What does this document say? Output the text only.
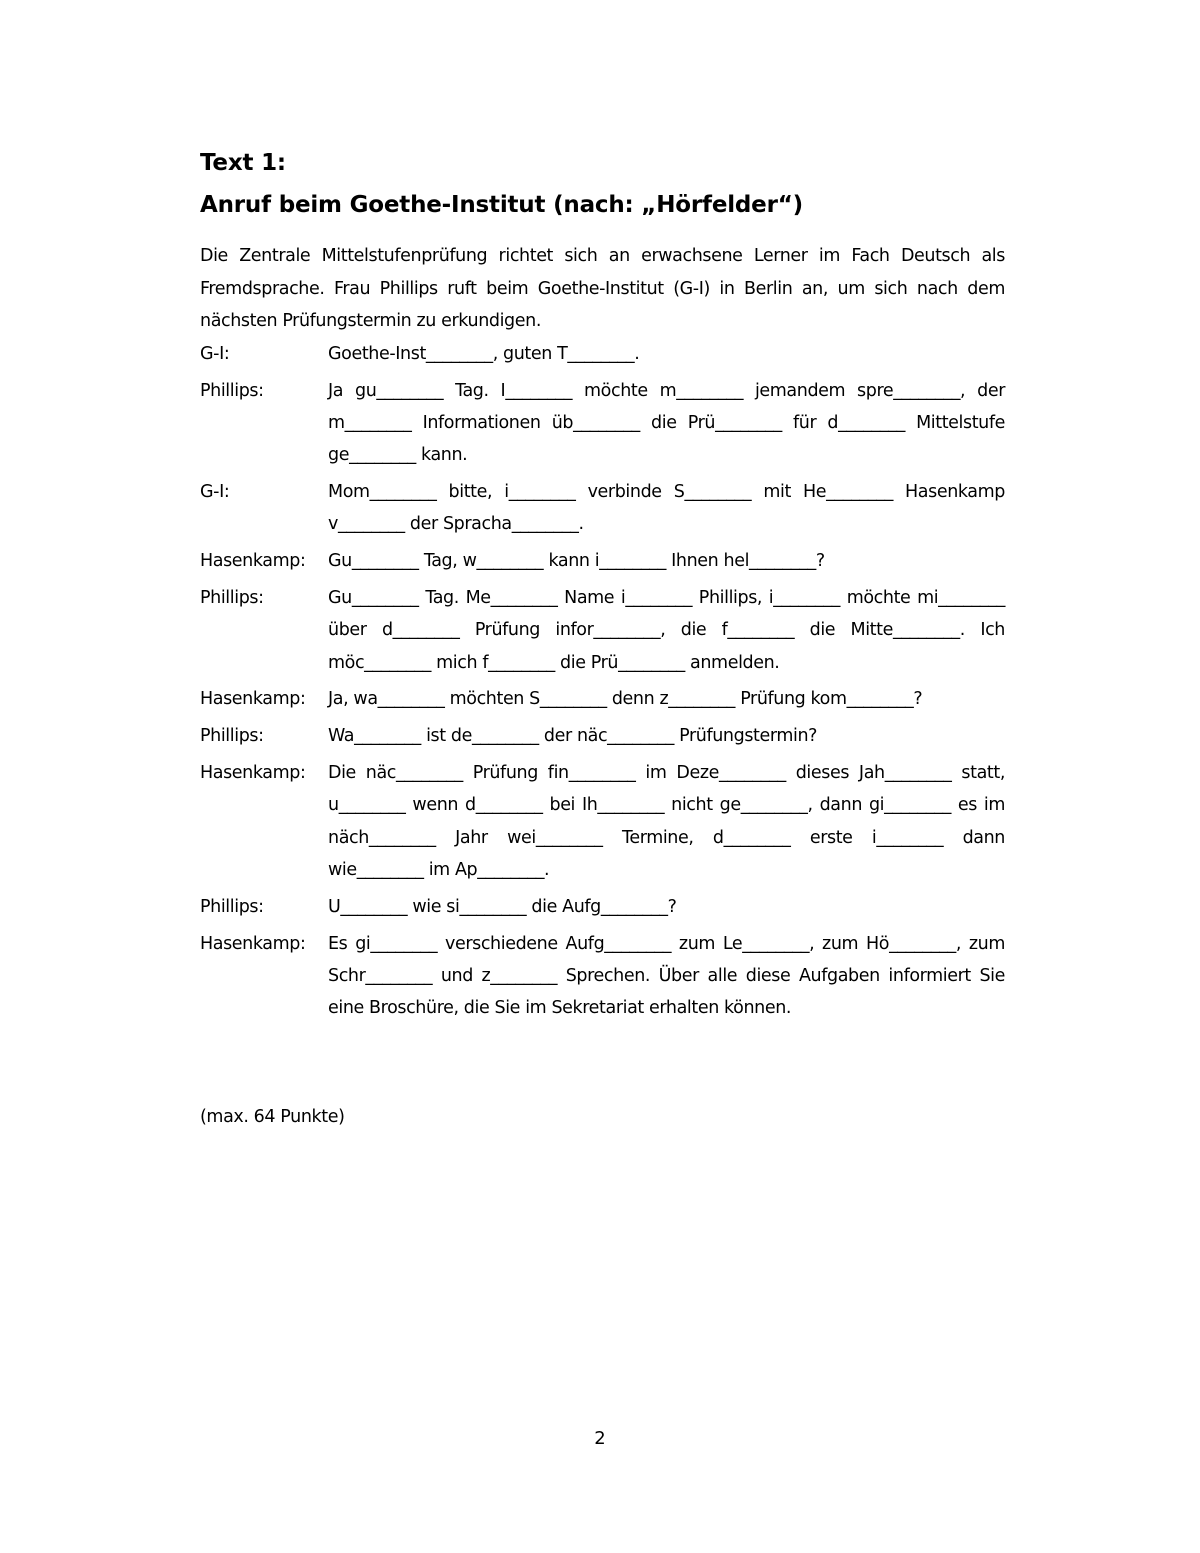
Text 1:
Anruf beim Goethe-Institut (nach: „Hörfelder“)

Die Zentrale Mittelstufenprüfung richtet sich an erwachsene Lerner im Fach Deutsch als Fremdsprache. Frau Phillips ruft beim Goethe-Institut (G-I) in Berlin an, um sich nach dem nächsten Prüfungstermin zu erkundigen.

G-I:	Goethe-Inst________, guten T________.
Phillips:	Ja gu________ Tag. I________ möchte m________ jemandem spre________, der m________ Informationen üb________ die Prü________ für d________ Mittelstufe ge________ kann.
G-I:	Mom________ bitte, i________ verbinde S________ mit He________ Hasenkamp v________ der Spracha________.
Hasenkamp:	Gu________ Tag, w________ kann i________ Ihnen hel________?
Phillips:	Gu________ Tag. Me________ Name i________ Phillips, i________ möchte mi________ über d________ Prüfung infor________, die f________ die Mitte________. Ich möc________ mich f________ die Prü________ anmelden.
Hasenkamp:	Ja, wa________ möchten S________ denn z________ Prüfung kom________?
Phillips:	Wa________ ist de________ der näc________ Prüfungstermin?
Hasenkamp:	Die näc________ Prüfung fin________ im Deze________ dieses Jah________ statt, u________ wenn d________ bei Ih________ nicht ge________, dann gi________ es im näch________ Jahr wei________ Termine, d________ erste i________ dann wie________ im Ap________.
Phillips:	U________ wie si________ die Aufg________?
Hasenkamp:	Es gi________ verschiedene Aufg________ zum Le________, zum Hö________, zum Schr________ und z________ Sprechen. Über alle diese Aufgaben informiert Sie eine Broschüre, die Sie im Sekretariat erhalten können.
(max. 64 Punkte)
2
